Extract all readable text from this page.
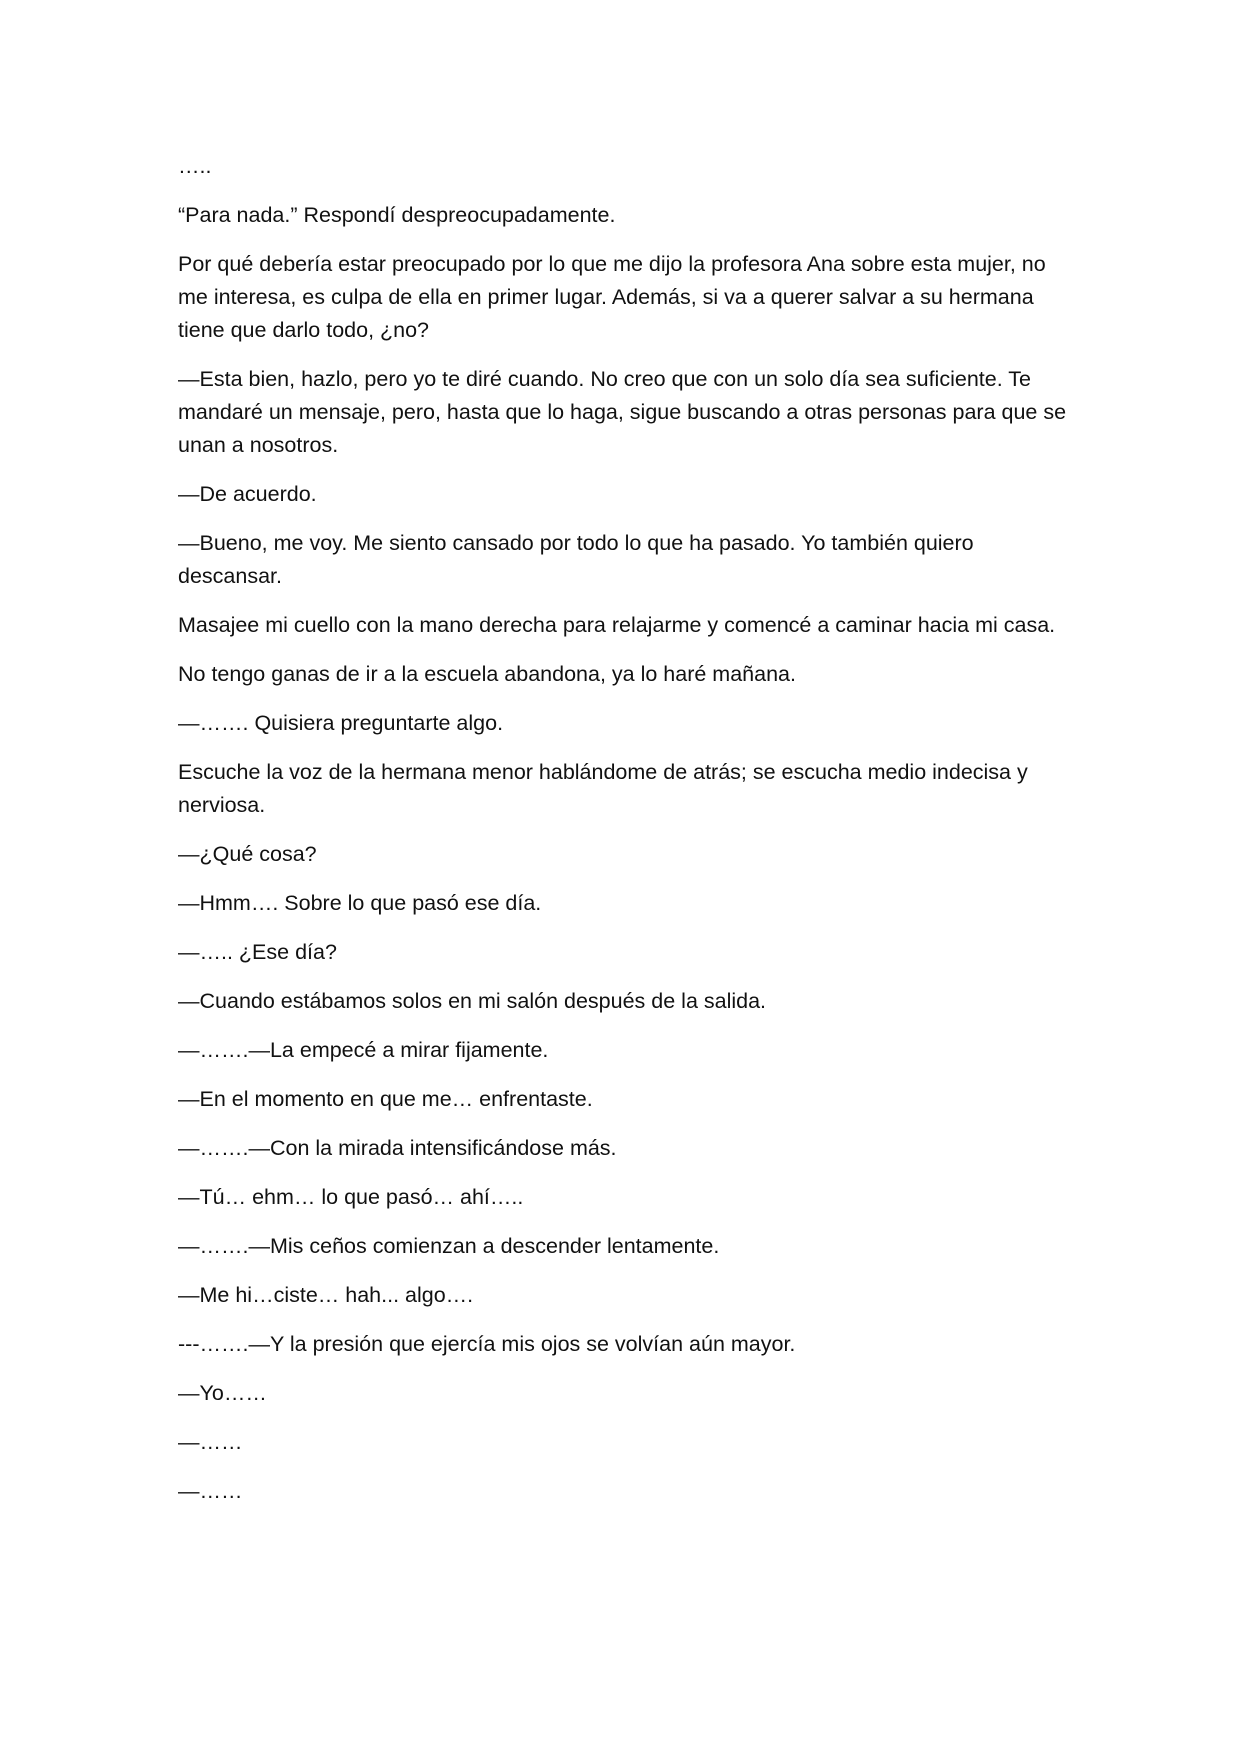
…..

“Para nada.” Respondí despreocupadamente.

Por qué debería estar preocupado por lo que me dijo la profesora Ana sobre esta mujer, no me interesa, es culpa de ella en primer lugar. Además, si va a querer salvar a su hermana tiene que darlo todo, ¿no?

—Esta bien, hazlo, pero yo te diré cuando. No creo que con un solo día sea suficiente. Te mandaré un mensaje, pero, hasta que lo haga, sigue buscando a otras personas para que se unan a nosotros.

—De acuerdo.

—Bueno, me voy. Me siento cansado por todo lo que ha pasado. Yo también quiero descansar.

Masajee mi cuello con la mano derecha para relajarme y comencé a caminar hacia mi casa.

No tengo ganas de ir a la escuela abandona, ya lo haré mañana.

—……. Quisiera preguntarte algo.

Escuche la voz de la hermana menor hablándome de atrás; se escucha medio indecisa y nerviosa.

—¿Qué cosa?

—Hmm…. Sobre lo que pasó ese día.

—….. ¿Ese día?

—Cuando estábamos solos en mi salón después de la salida.

—…….—La empecé a mirar fijamente.

—En el momento en que me… enfrentaste.

—…….—Con la mirada intensificándose más.

—Tú… ehm… lo que pasó… ahí…..

—…….—Mis ceños comienzan a descender lentamente.

—Me hi…ciste… hah... algo….

---…….—Y la presión que ejercía mis ojos se volvían aún mayor.

—Yo……

—……

—……
